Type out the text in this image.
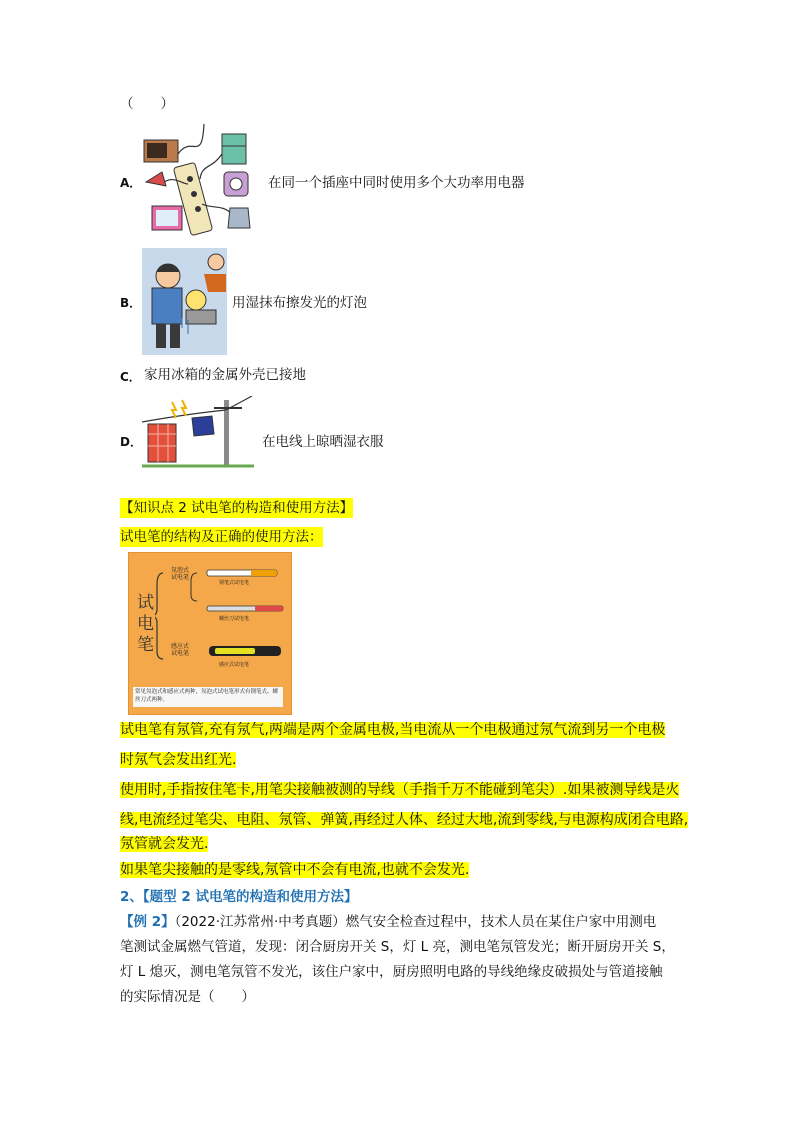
（　　）
A．	在同一个插座中同时使用多个大功率用电器
B．	用湿抹布擦发光的灯泡
C． 家用冰箱的金属外壳已接地
D．	在电线上晾晒湿衣服
【知识点 2 试电笔的构造和使用方法】
试电笔的结构及正确的使用方法：
试电笔
氖泡式试电笔
感应式试电笔
钢笔式试电笔
螺丝刀试电笔
感应式试电笔
常见氖泡式和感应式两种，氖泡式试电笔形式有钢笔式、螺丝刀式两种。
试电笔有氖管,充有氖气,两端是两个金属电极,当电流从一个电极通过氖气流到另一个电极
时氖气会发出红光.
使用时,手指按住笔卡,用笔尖接触被测的导线（手指千万不能碰到笔尖）.如果被测导线是火
线,电流经过笔尖、电阻、氖管、弹簧,再经过人体、经过大地,流到零线,与电源构成闭合电路,
氖管就会发光.
如果笔尖接触的是零线,氖管中不会有电流,也就不会发光.
2、【题型 2 试电笔的构造和使用方法】
【例 2】（2022·江苏常州·中考真题）燃气安全检查过程中，技术人员在某住户家中用测电
笔测试金属燃气管道，发现：闭合厨房开关 S，灯 L 亮，测电笔氖管发光；断开厨房开关 S，
灯 L 熄灭，测电笔氖管不发光，该住户家中，厨房照明电路的导线绝缘皮破损处与管道接触
的实际情况是（　　）
